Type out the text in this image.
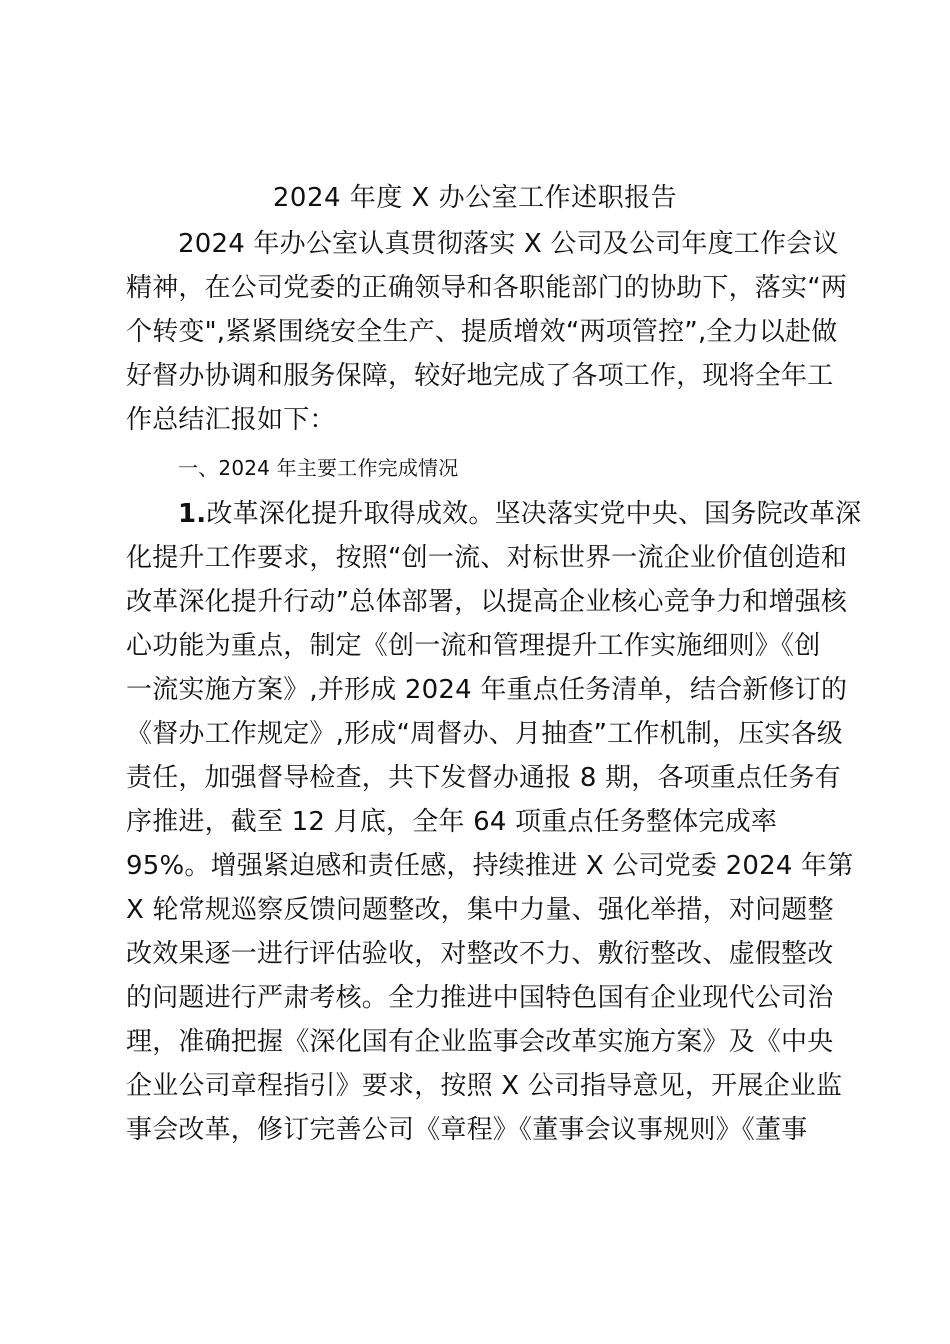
2024 年度 X 办公室工作述职报告
2024 年办公室认真贯彻落实 X 公司及公司年度工作会议
精神，在公司党委的正确领导和各职能部门的协助下，落实“两
个转变",紧紧围绕安全生产、提质增效“两项管控”,全力以赴做
好督办协调和服务保障，较好地完成了各项工作，现将全年工
作总结汇报如下：
一、2024 年主要工作完成情况
1.改革深化提升取得成效。坚决落实党中央、国务院改革深
化提升工作要求，按照“创一流、对标世界一流企业价值创造和
改革深化提升行动”总体部署，以提高企业核心竞争力和增强核
心功能为重点，制定《创一流和管理提升工作实施细则》《创
一流实施方案》,并形成 2024 年重点任务清单，结合新修订的
《督办工作规定》,形成“周督办、月抽查”工作机制，压实各级
责任，加强督导检查，共下发督办通报 8 期，各项重点任务有
序推进，截至 12 月底，全年 64 项重点任务整体完成率
95%。增强紧迫感和责任感，持续推进 X 公司党委 2024 年第
X 轮常规巡察反馈问题整改，集中力量、强化举措，对问题整
改效果逐一进行评估验收，对整改不力、敷衍整改、虚假整改
的问题进行严肃考核。全力推进中国特色国有企业现代公司治
理，准确把握《深化国有企业监事会改革实施方案》及《中央
企业公司章程指引》要求，按照 X 公司指导意见，开展企业监
事会改革，修订完善公司《章程》《董事会议事规则》《董事
